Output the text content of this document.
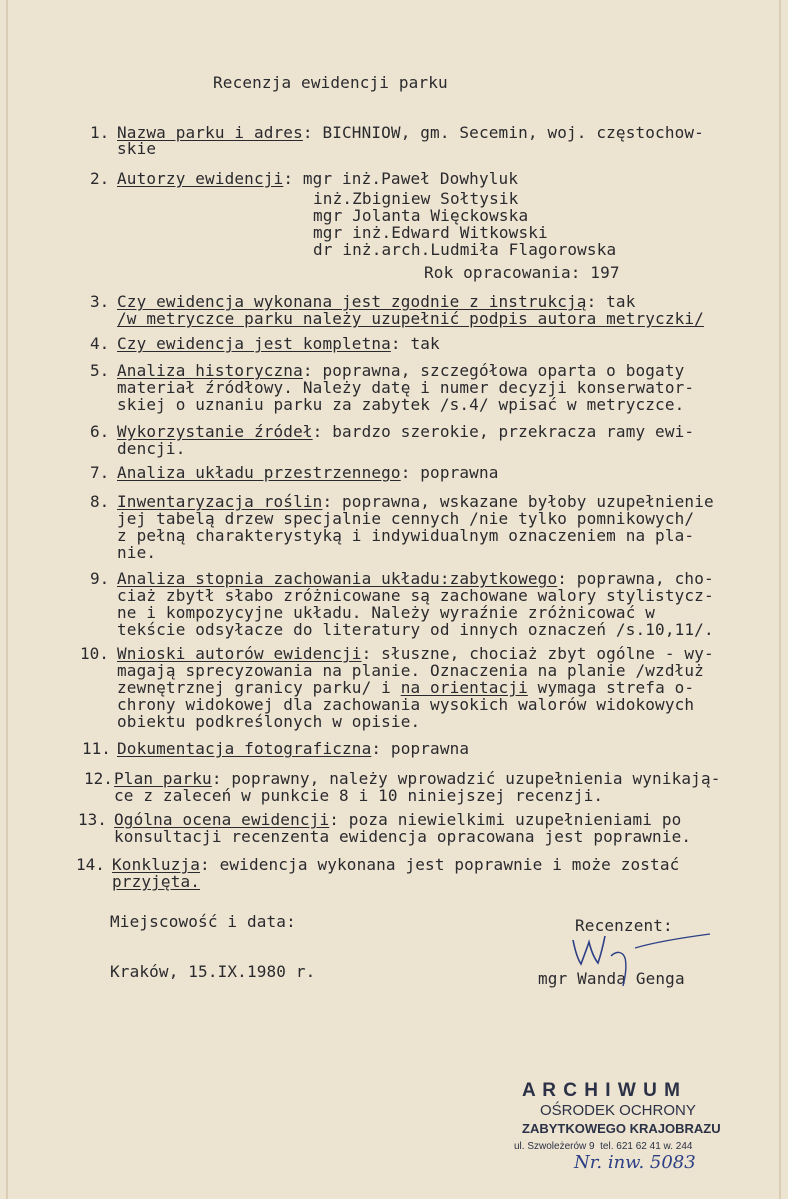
Recenzja ewidencji parku
1. Nazwa parku i adres: BICHNIOW, gm. Secemin, woj. częstochow-
skie
2. Autorzy ewidencji: mgr inż.Paweł Dowhyluk
inż.Zbigniew Sołtysik
mgr Jolanta Więckowska
mgr inż.Edward Witkowski
dr inż.arch.Ludmiła Flagorowska
Rok opracowania: 197
3. Czy ewidencja wykonana jest zgodnie z instrukcją: tak
/w metryczce parku należy uzupełnić podpis autora metryczki/
4. Czy ewidencja jest kompletna: tak
5. Analiza historyczna: poprawna, szczegółowa oparta o bogaty
materiał źródłowy. Należy datę i numer decyzji konserwator-
skiej o uznaniu parku za zabytek /s.4/ wpisać w metryczce.
6. Wykorzystanie źródeł: bardzo szerokie, przekracza ramy ewi-
dencji.
7. Analiza układu przestrzennego: poprawna
8. Inwentaryzacja roślin: poprawna, wskazane byłoby uzupełnienie
jej tabelą drzew specjalnie cennych /nie tylko pomnikowych/
z pełną charakterystyką i indywidualnym oznaczeniem na pla-
nie.
9. Analiza stopnia zachowania układu:zabytkowego: poprawna, cho-
ciaż zbytł słabo zróżnicowane są zachowane walory stylistycz-
ne i kompozycyjne układu. Należy wyraźnie zróżnicować w
tekście odsyłacze do literatury od innych oznaczeń /s.10,11/.
10. Wnioski autorów ewidencji: słuszne, chociaż zbyt ogólne - wy-
magają sprecyzowania na planie. Oznaczenia na planie /wzdłuż
zewnętrznej granicy parku/ i na orientacji wymaga strefa o-
chrony widokowej dla zachowania wysokich walorów widokowych
obiektu podkreślonych w opisie.
11. Dokumentacja fotograficzna: poprawna
12. Plan parku: poprawny, należy wprowadzić uzupełnienia wynikają-
ce z zaleceń w punkcie 8 i 10 niniejszej recenzji.
13. Ogólna ocena ewidencji: poza niewielkimi uzupełnieniami po
konsultacji recenzenta ewidencja opracowana jest poprawnie.
14. Konkluzja: ewidencja wykonana jest poprawnie i może zostać
przyjęta.
Miejscowość i data:	Recenzent:
Kraków, 15.IX.1980 r.	mgr Wanda Genga
A R C H I W U M
OŚRODEK OCHRONY
ZABYTKOWEGO KRAJOBRAZU
ul. Szwoleżerów 9  tel. 621 62 41 w. 244
Nr. inw. 5083
